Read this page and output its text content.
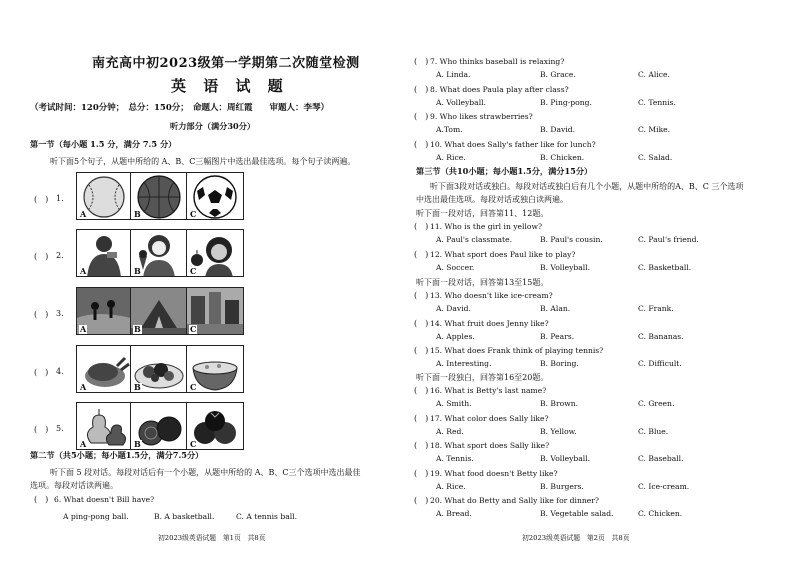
南充高中初2023级第一学期第二次随堂检测
英 语 试 题
（考试时间：120分钟；　总分：150分；　命题人：周红霞　　审题人：李琴）
听力部分（满分30分）
第一节（每小题 1.5 分，满分 7.5 分）
听下面5个句子，从题中所给的 A、B、C三幅图片中选出最佳选项。每个句子读两遍。
(　) 1.
A	B	C
(　) 2.
A	B	C
(　) 3.
A	B	C
(　) 4.
A	B	C
(　) 5.
A	B	C
第二节（共5小题；每小题1.5分，满分7.5分）
听下面 5 段对话。每段对话后有一个小题，从题中所给的 A、B、C三个选项中选出最佳
选项。每段对话读两遍。
(　) 6. What doesn't Bill have?
A ping-pong ball.	B. A basketball.	C. A tennis ball.
初2023级英语试题　第1页　共8页
(　) 7. Who thinks baseball is relaxing?
A. Linda.	B. Grace.	C. Alice.
(　) 8. What does Paula play after class?
A. Volleyball.	B. Ping-pong.	C. Tennis.
(　) 9. Who likes strawberries?
A.Tom.	B. David.	C. Mike.
(　) 10. What does Sally's father like for lunch?
A. Rice.	B. Chicken.	C. Salad.
第三节（共10小题；每小题1.5分，满分15分）
听下面3段对话或独白。每段对话或独白后有几个小题，从题中所给的A、B、C 三个选项
中选出最佳选项。每段对话或独白读两遍。
听下面一段对话，回答第11、12题。
(　) 11. Who is the girl in yellow?
A. Paul's classmate.	B. Paul's cousin.	C. Paul's friend.
(　) 12. What sport does Paul like to play?
A. Soccer.	B. Volleyball.	C. Basketball.
听下面一段对话，回答第13至15题。
(　) 13. Who doesn't like ice-cream?
A. David.	B. Alan.	C. Frank.
(　) 14. What fruit does Jenny like?
A. Apples.	B. Pears.	C. Bananas.
(　) 15. What does Frank think of playing tennis?
A. Interesting.	B. Boring.	C. Difficult.
听下面一段独白，回答第16至20题。
(　) 16. What is Betty's last name?
A. Smith.	B. Brown.	C. Green.
(　) 17. What color does Sally like?
A. Red.	B. Yellow.	C. Blue.
(　) 18. What sport does Sally like?
A. Tennis.	B. Volleyball.	C. Baseball.
(　) 19. What food doesn't Betty like?
A. Rice.	B. Burgers.	C. Ice-cream.
(　) 20. What do Betty and Sally like for dinner?
A. Bread.	B. Vegetable salad.	C. Chicken.
初2023级英语试题　第2页　共8页
